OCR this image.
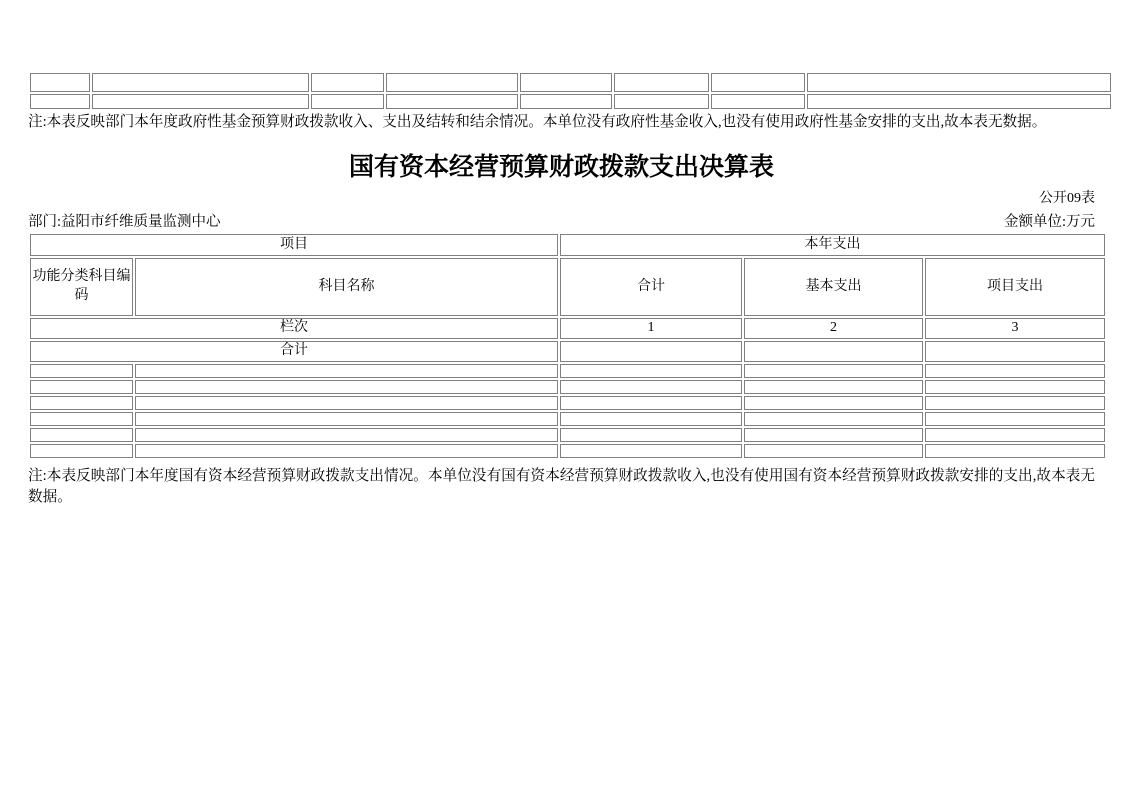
注:本表反映部门本年度政府性基金预算财政拨款收入、支出及结转和结余情况。本单位没有政府性基金收入,也没有使用政府性基金安排的支出,故本表无数据。

国有资本经营预算财政拨款支出决算表
公开09表
部门:益阳市纤维质量监测中心	金额单位:万元
项目		本年支出		
功能分类科目编码	科目名称	合计	基本支出	项目支出
栏次		1	2	3
合计				

注:本表反映部门本年度国有资本经营预算财政拨款支出情况。本单位没有国有资本经营预算财政拨款收入,也没有使用国有资本经营预算财政拨款安排的支出,故本表无数据。
